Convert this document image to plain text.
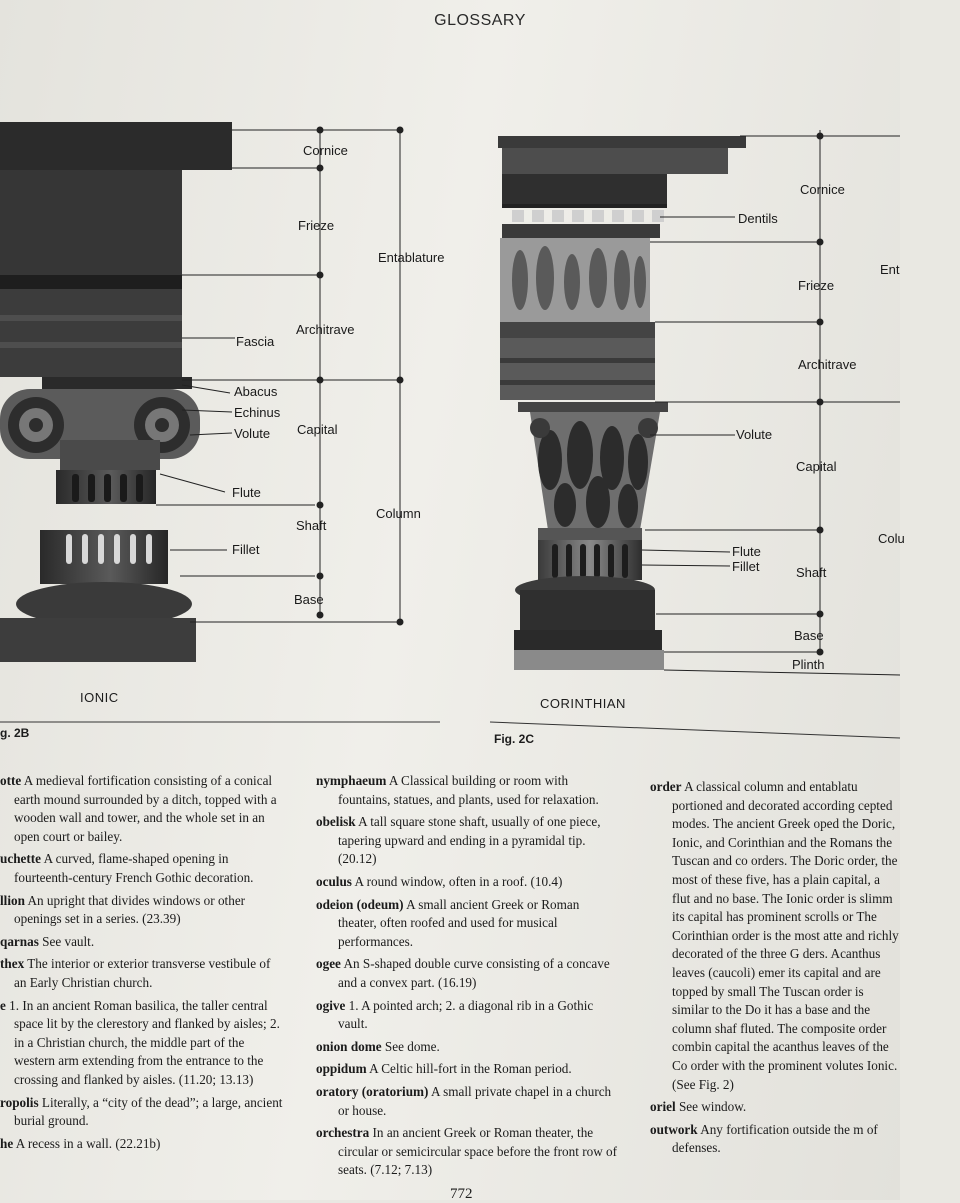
GLOSSARY
Cornice
Frieze
Entablature
Architrave
Fascia
Abacus
Echinus
Volute Capital
Flute
Shaft
Column
Fillet
Base
Cornice
Dentils
Ent
Frieze
Architrave
Volute
Capital
Flute
Fillet	Shaft
Colu
Base
Plinth
IONIC	CORINTHIAN
g. 2B	Fig. 2C
otte A medieval fortification consisting of a conical earth mound surrounded by a ditch, topped with a wooden wall and tower, and the whole set in an open court or bailey.
uchette A curved, flame-shaped opening in fourteenth-century French Gothic decoration.
llion An upright that divides windows or other openings set in a series. (23.39)
qarnas See vault.
thex The interior or exterior transverse vestibule of an Early Christian church.
e 1. In an ancient Roman basilica, the taller central space lit by the clerestory and flanked by aisles; 2. in a Christian church, the middle part of the western arm extending from the entrance to the crossing and flanked by aisles. (11.20; 13.13)
ropolis Literally, a “city of the dead”; a large, ancient burial ground.
he A recess in a wall. (22.21b)
nymphaeum A Classical building or room with fountains, statues, and plants, used for relaxation.
obelisk A tall square stone shaft, usually of one piece, tapering upward and ending in a pyramidal tip. (20.12)
oculus A round window, often in a roof. (10.4)
odeion (odeum) A small ancient Greek or Roman theater, often roofed and used for musical performances.
ogee An S-shaped double curve consisting of a concave and a convex part. (16.19)
ogive 1. A pointed arch; 2. a diagonal rib in a Gothic vault.
onion dome See dome.
oppidum A Celtic hill-fort in the Roman period.
oratory (oratorium) A small private chapel in a church or house.
orchestra In an ancient Greek or Roman theater, the circular or semicircular space before the front row of seats. (7.12; 7.13)
order A classical column and entablatu portioned and decorated according cepted modes. The ancient Greek oped the Doric, Ionic, and Corinthian and the Romans the Tuscan and co orders. The Doric order, the most of these five, has a plain capital, a flut and no base. The Ionic order is slimm its capital has prominent scrolls or The Corinthian order is the most atte and richly decorated of the three G ders. Acanthus leaves (caucoli) emer its capital and are topped by small The Tuscan order is similar to the Do it has a base and the column shaf fluted. The composite order combin capital the acanthus leaves of the Co order with the prominent volutes Ionic. (See Fig. 2)
oriel See window.
outwork Any fortification outside the m of defenses.
772
